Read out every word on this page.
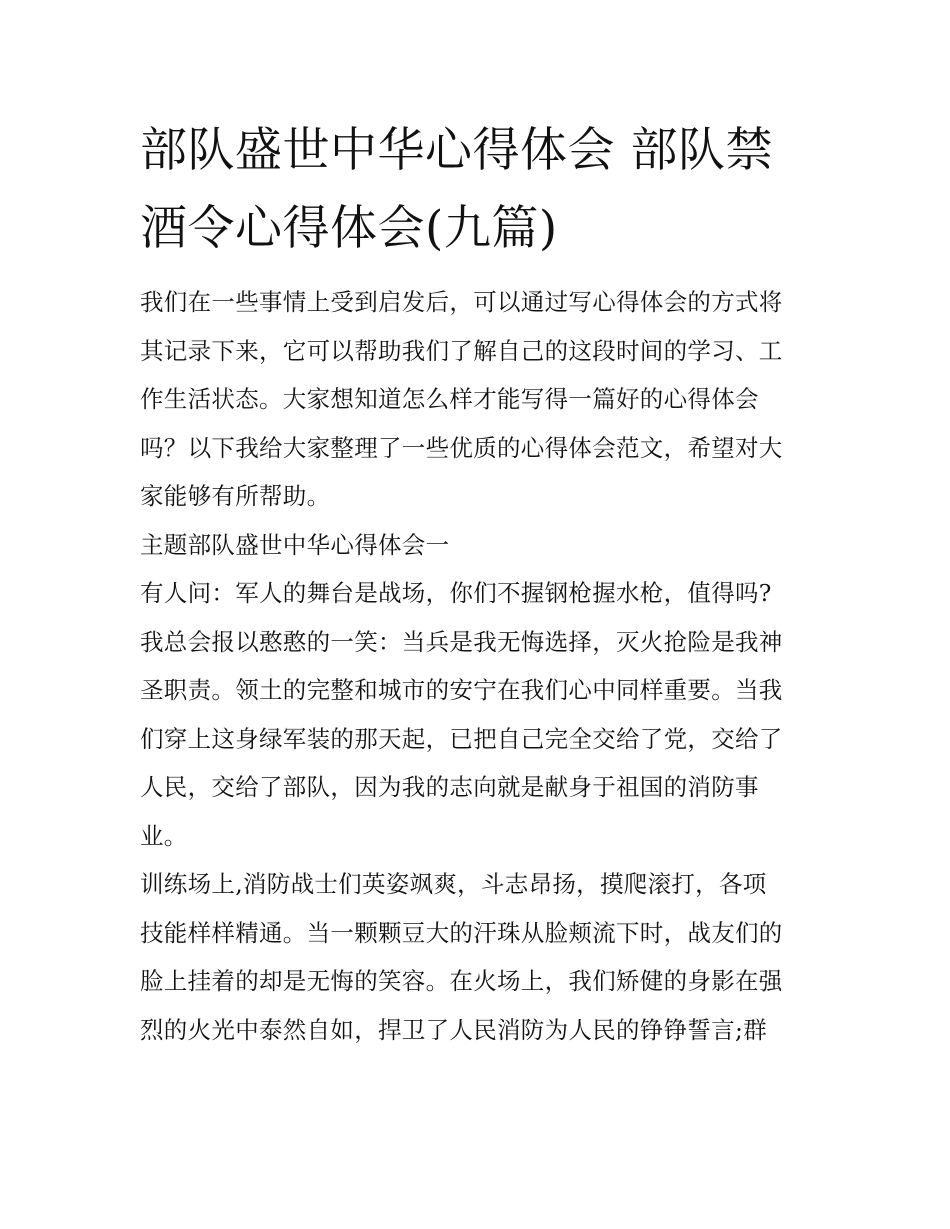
部队盛世中华心得体会 部队禁
酒令心得体会(九篇)
我们在一些事情上受到启发后，可以通过写心得体会的方式将
其记录下来，它可以帮助我们了解自己的这段时间的学习、工
作生活状态。大家想知道怎么样才能写得一篇好的心得体会
吗？以下我给大家整理了一些优质的心得体会范文，希望对大
家能够有所帮助。
主题部队盛世中华心得体会一
有人问：军人的舞台是战场，你们不握钢枪握水枪，值得吗?
我总会报以憨憨的一笑：当兵是我无悔选择，灭火抢险是我神
圣职责。领土的完整和城市的安宁在我们心中同样重要。当我
们穿上这身绿军装的那天起，已把自己完全交给了党，交给了
人民，交给了部队，因为我的志向就是献身于祖国的消防事
业。
训练场上,消防战士们英姿飒爽，斗志昂扬，摸爬滚打，各项
技能样样精通。当一颗颗豆大的汗珠从脸颊流下时，战友们的
脸上挂着的却是无悔的笑容。在火场上，我们矫健的身影在强
烈的火光中泰然自如，捍卫了人民消防为人民的铮铮誓言;群
